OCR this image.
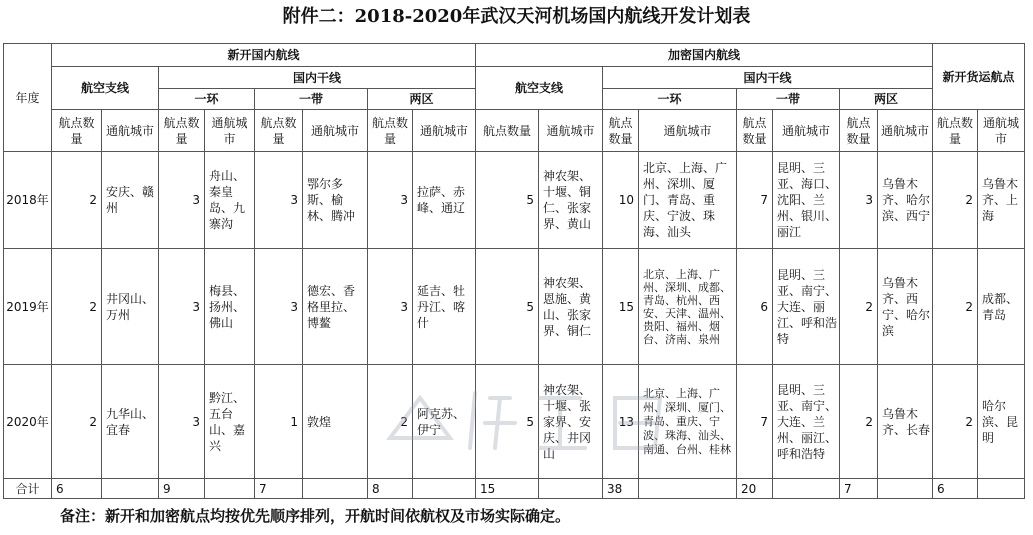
附件二：2018-2020年武汉天河机场国内航线开发计划表
年度	新开国内航线								加密国内航线								新开货运航点	
	航空支线		国内干线						航空支线		国内干线							
			一环		一带		两区				一环		一带		两区			
	航点数量	通航城市	航点数量	通航城市	航点数量	通航城市	航点数量	通航城市	航点数量	通航城市	航点数量	通航城市	航点数量	通航城市	航点数量	通航城市	航点数量	通航城市
2018年	2	安庆、赣州	3	舟山、秦皇岛、九寨沟	3	鄂尔多斯、榆林、腾冲	3	拉萨、赤峰、通辽	5	神农架、十堰、铜仁、张家界、黄山	10	北京、上海、广州、深圳、厦门、青岛、重庆、宁波、珠海、汕头	7	昆明、三亚、海口、沈阳、兰州、银川、丽江	3	乌鲁木齐、哈尔滨、西宁	2	乌鲁木齐、上海
2019年	2	井冈山、万州	3	梅县、扬州、佛山	3	德宏、香格里拉、博鳌	3	延吉、牡丹江、喀什	5	神农架、恩施、黄山、张家界、铜仁	15	北京、上海、广州、深圳、成都、青岛、杭州、西安、天津、温州、贵阳、福州、烟台、济南、泉州	6	昆明、三亚、南宁、大连、丽江、呼和浩特	2	乌鲁木齐、西宁、哈尔滨	2	成都、青岛
2020年	2	九华山、宜春	3	黔江、五台山、嘉兴	1	敦煌	2	阿克苏、伊宁	5	神农架、十堰、张家界、安庆、井冈山	13	北京、上海、广州、深圳、厦门、青岛、重庆、宁波、珠海、汕头、南通、台州、桂林	7	昆明、三亚、南宁、大连、兰州、丽江、呼和浩特	2	乌鲁木齐、长春	2	哈尔滨、昆明
合计	6		9		7		8		15		38		20		7		6	
备注：新开和加密航点均按优先顺序排列，开航时间依航权及市场实际确定。
